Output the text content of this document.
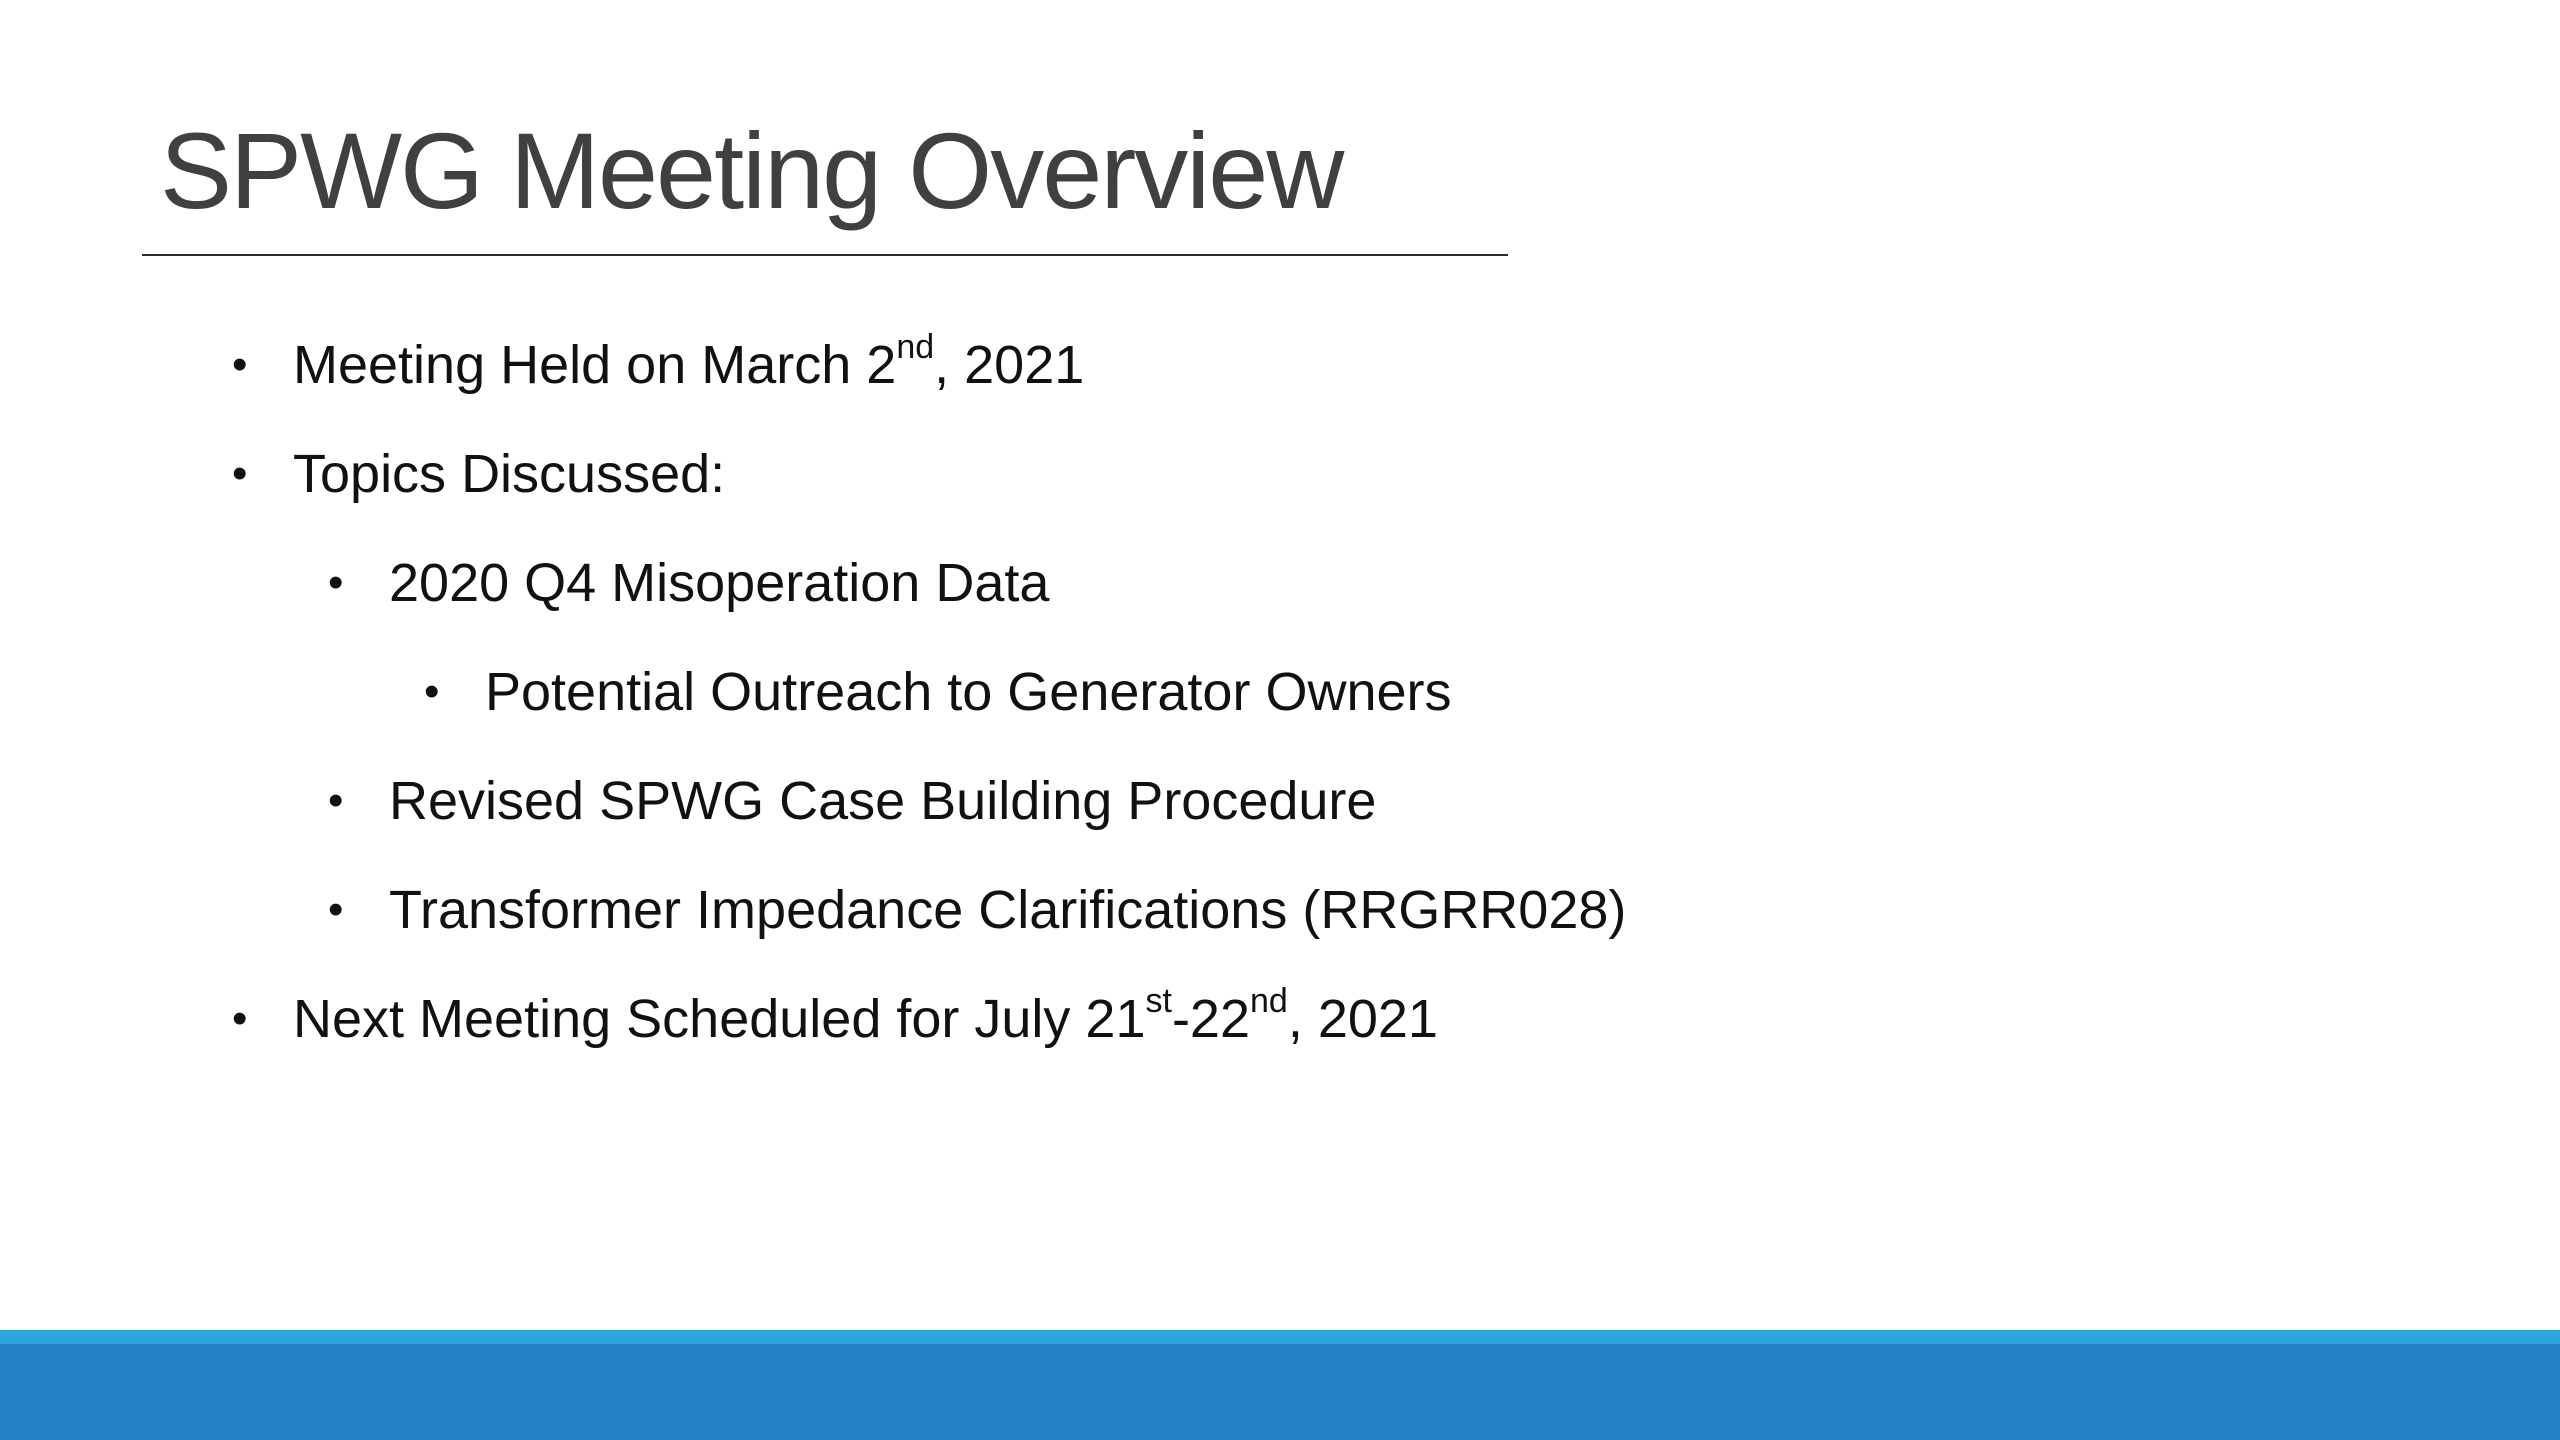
SPWG Meeting Overview
• Meeting Held on March 2nd, 2021
• Topics Discussed:
• 2020 Q4 Misoperation Data
• Potential Outreach to Generator Owners
• Revised SPWG Case Building Procedure
• Transformer Impedance Clarifications (RRGRR028)
• Next Meeting Scheduled for July 21st-22nd, 2021
